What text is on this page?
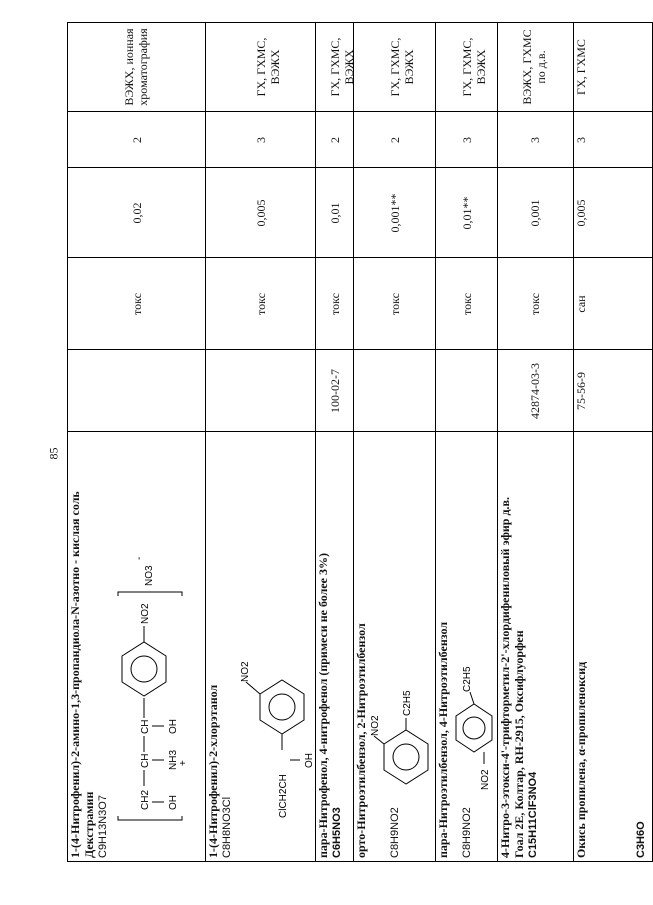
85
1-(4-Нитрофенил)-2-амино-1,3-пропандиола-N-азотно - кислая соль Декстрамин C9H13N3O7	CH2
CH
CH
OH
NH3 +
OH
NO2
NO3
-
токс
0,02
2
ВЭЖХ, ионная хроматография
1-(4-Нитрофенил)-2-хлорэтанол C8H8NO3Cl
ClCH2CH
OH
NO2
токс
0,005
3
ГХ, ГХМС, ВЭЖХ
пара-Нитрофенол, 4-нитрофенол (примеси не более 3%) C6H5NO3
100-02-7
токс
0,01
2
ГХ, ГХМС, ВЭЖХ
орто-Нитроэтилбензол, 2-Нитроэтилбензол C8H9NO2
NO2
C2H5
токс
0,001**
2
ГХ, ГХМС, ВЭЖХ
пара-Нитроэтилбензол, 4-Нитроэтилбензол C8H9NO2
NO2
C2H5
токс
0,01**
3
ГХ, ГХМС, ВЭЖХ
4-Нитро-3-этокси-4'-трифторметил-2'-хлордифениловый эфир д.в. Гоал 2Е, Колтар, RH-2915, Оксифлуорфен C15H11ClF3NO4
42874-03-3
токс
0,001
3
ВЭЖХ, ГХМС по д.в.
Окись пропилена, α-пропиленоксид	C3H6O
75-56-9
сан
0,005
3
ГХ, ГХМС
